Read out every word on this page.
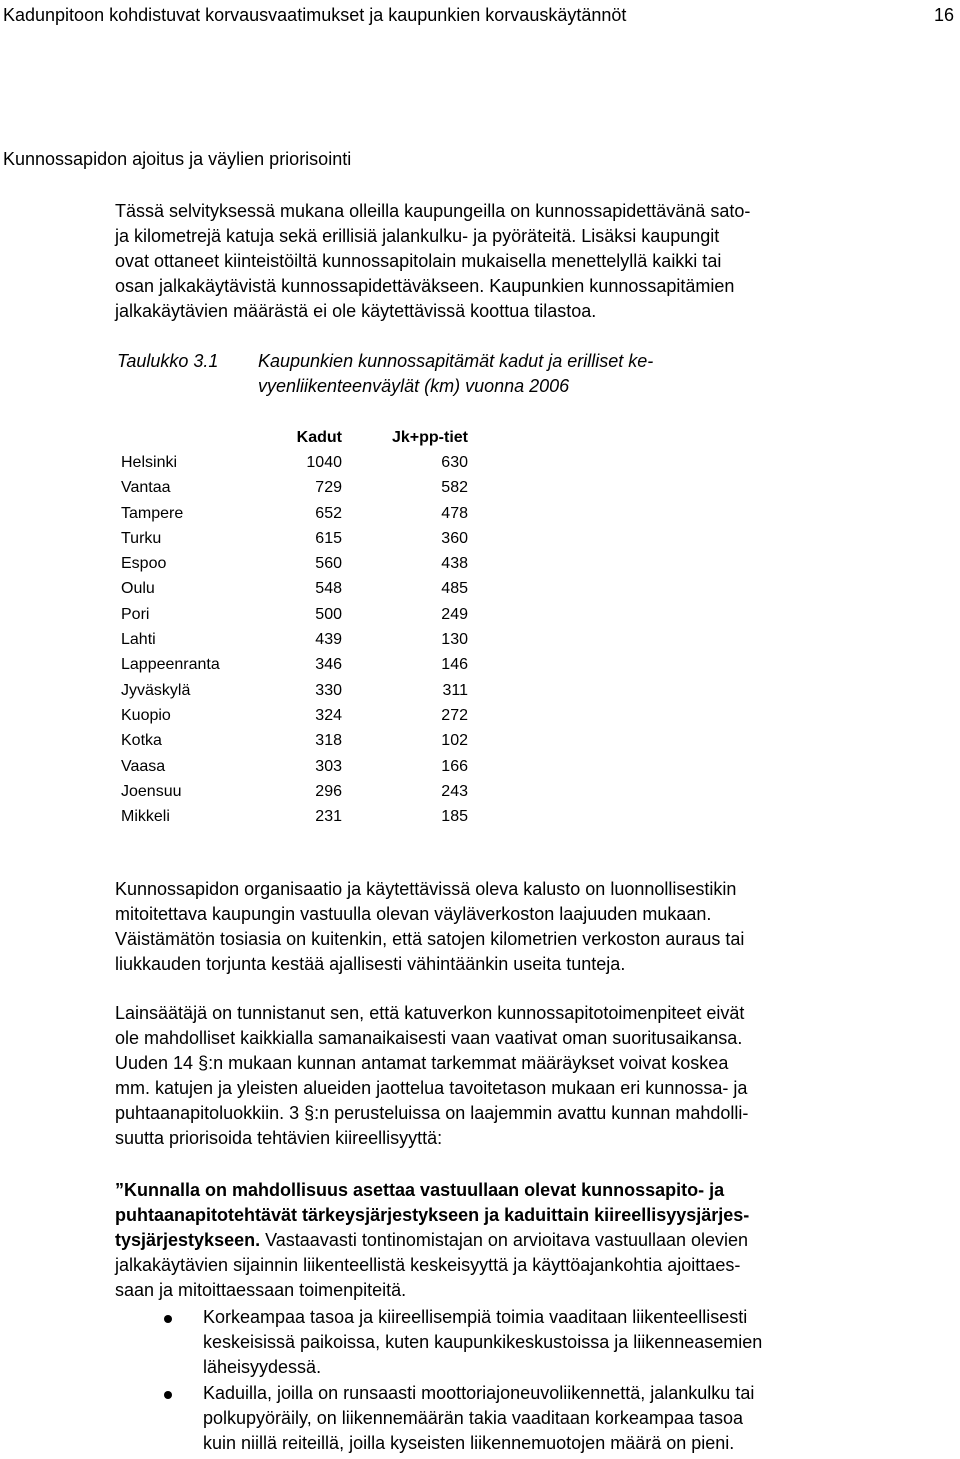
Kadunpitoon kohdistuvat korvausvaatimukset ja kaupunkien korvauskäytännöt	16
Kunnossapidon ajoitus ja väylien priorisointi
Tässä selvityksessä mukana olleilla kaupungeilla on kunnossapidettävänä sato-
ja kilometrejä katuja sekä erillisiä jalankulku- ja pyöräteitä. Lisäksi kaupungit
ovat ottaneet kiinteistöiltä kunnossapitolain mukaisella menettelyllä kaikki tai
osan jalkakäytävistä kunnossapidettäväkseen. Kaupunkien kunnossapitämien
jalkakäytävien määrästä ei ole käytettävissä koottua tilastoa.
Taulukko 3.1 Kaupunkien kunnossapitämät kadut ja erilliset ke-
vyenliikenteenväylät (km) vuonna 2006
	Kadut	Jk+pp-tiet
Helsinki	1040	630
Vantaa	729	582
Tampere	652	478
Turku	615	360
Espoo	560	438
Oulu	548	485
Pori	500	249
Lahti	439	130
Lappeenranta	346	146
Jyväskylä	330	311
Kuopio	324	272
Kotka	318	102
Vaasa	303	166
Joensuu	296	243
Mikkeli	231	185
Kunnossapidon organisaatio ja käytettävissä oleva kalusto on luonnollisestikin
mitoitettava kaupungin vastuulla olevan väyläverkoston laajuuden mukaan.
Väistämätön tosiasia on kuitenkin, että satojen kilometrien verkoston auraus tai
liukkauden torjunta kestää ajallisesti vähintäänkin useita tunteja.
Lainsäätäjä on tunnistanut sen, että katuverkon kunnossapitotoimenpiteet eivät
ole mahdolliset kaikkialla samanaikaisesti vaan vaativat oman suoritusaikansa.
Uuden 14 §:n mukaan kunnan antamat tarkemmat määräykset voivat koskea
mm. katujen ja yleisten alueiden jaottelua tavoitetason mukaan eri kunnossa- ja
puhtaanapitoluokkiin. 3 §:n perusteluissa on laajemmin avattu kunnan mahdolli-
suutta priorisoida tehtävien kiireellisyyttä:
”Kunnalla on mahdollisuus asettaa vastuullaan olevat kunnossapito- ja
puhtaanapitotehtävät tärkeysjärjestykseen ja kaduittain kiireellisyysjärjes-
tysjärjestykseen. Vastaavasti tontinomistajan on arvioitava vastuullaan olevien
jalkakäytävien sijainnin liikenteellistä keskeisyyttä ja käyttöajankohtia ajoittaes-
saan ja mitoittaessaan toimenpiteitä.
Korkeampaa tasoa ja kiireellisempiä toimia vaaditaan liikenteellisesti
keskeisissä paikoissa, kuten kaupunkikeskustoissa ja liikenneasemien
läheisyydessä.
Kaduilla, joilla on runsaasti moottoriajoneuvoliikennettä, jalankulku tai
polkupyöräily, on liikennemäärän takia vaaditaan korkeampaa tasoa
kuin niillä reiteillä, joilla kyseisten liikennemuotojen määrä on pieni.
